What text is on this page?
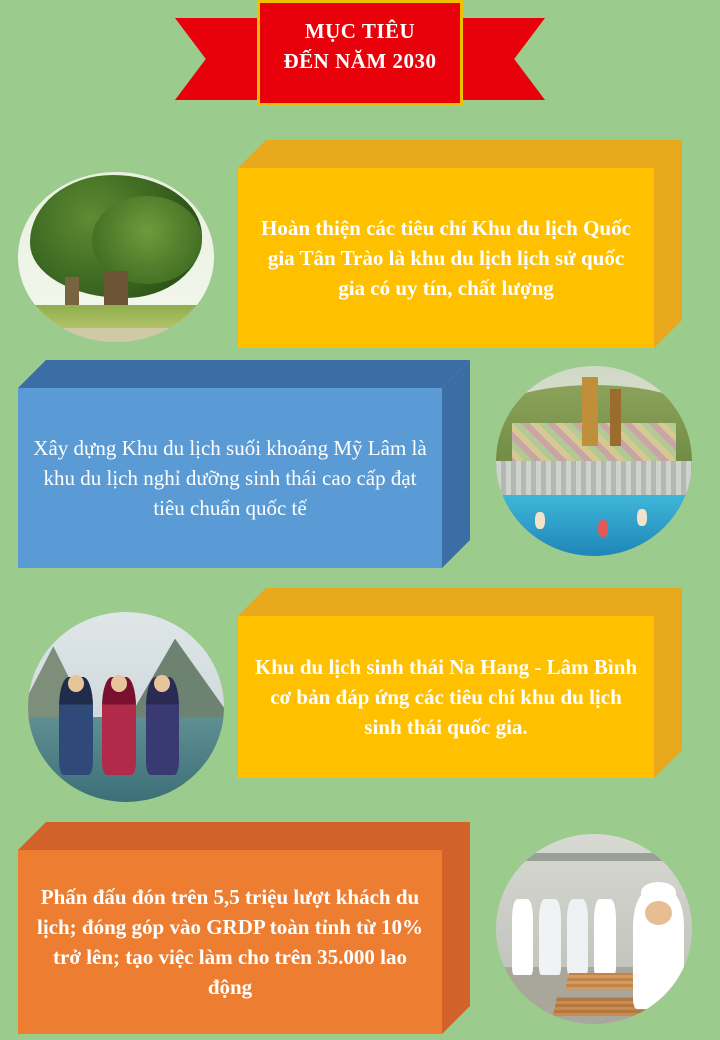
MỤC TIÊU
ĐẾN NĂM 2030

Hoàn thiện các tiêu chí Khu du lịch Quốc gia Tân Trào là khu du lịch lịch sử quốc gia có uy tín, chất lượng

Xây dựng Khu du lịch suối khoáng Mỹ Lâm là khu du lịch nghỉ dưỡng sinh thái cao cấp đạt tiêu chuẩn quốc tế

Khu du lịch sinh thái Na Hang - Lâm Bình cơ bản đáp ứng các tiêu chí khu du lịch sinh thái quốc gia.

Phấn đấu đón trên 5,5 triệu lượt khách du lịch; đóng góp vào GRDP toàn tỉnh từ 10% trở lên; tạo việc làm cho trên 35.000 lao động
